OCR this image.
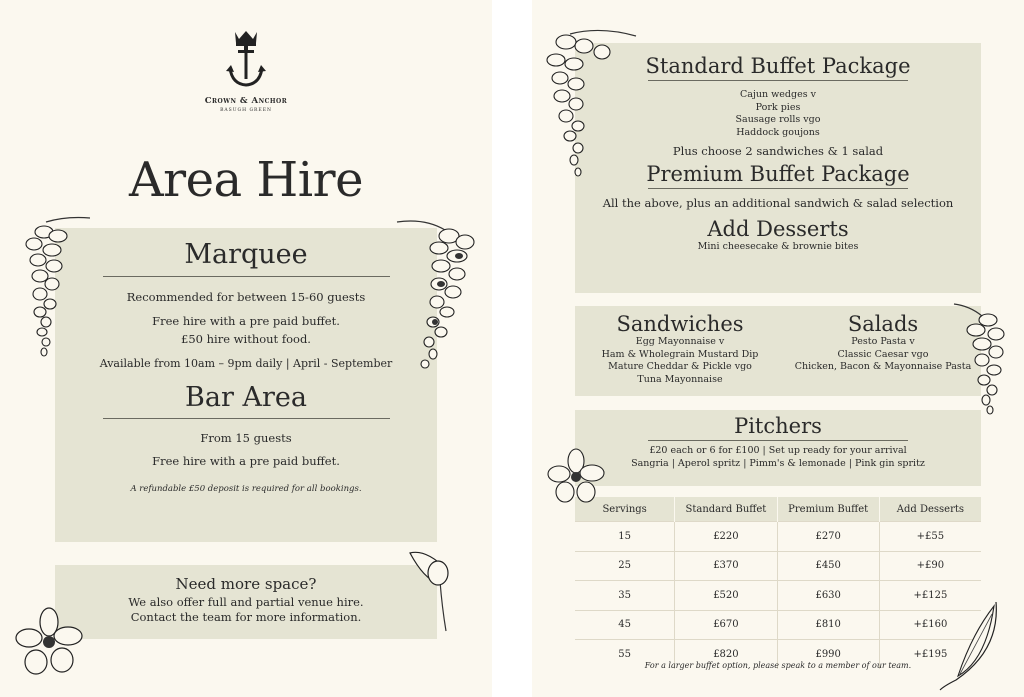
Crown & Anchor
BASUGH GREEN
Area Hire
Marquee
Recommended for between 15-60 guests
Free hire with a pre paid buffet.
£50 hire without food.
Available from 10am – 9pm daily | April - September
Bar Area
From 15 guests
Free hire with a pre paid buffet.
A refundable £50 deposit is required for all bookings.
Need more space?
We also offer full and partial venue hire.
Contact the team for more information.
Standard Buffet Package
Cajun wedges v
Pork pies
Sausage rolls vgo
Haddock goujons
Plus choose 2 sandwiches & 1 salad
Premium Buffet Package
All the above, plus an additional sandwich & salad selection
Add Desserts
Mini cheesecake & brownie bites
Sandwiches
Egg Mayonnaise v
Ham & Wholegrain Mustard Dip
Mature Cheddar & Pickle vgo
Tuna Mayonnaise
Salads
Pesto Pasta v
Classic Caesar vgo
Chicken, Bacon & Mayonnaise Pasta
Pitchers
£20 each or 6 for £100 | Set up ready for your arrival
Sangria | Aperol spritz | Pimm's & lemonade | Pink gin spritz
Servings	Standard Buffet	Premium Buffet	Add Desserts
15	£220	£270	+£55
25	£370	£450	+£90
35	£520	£630	+£125
45	£670	£810	+£160
55	£820	£990	+£195
For a larger buffet option, please speak to a member of our team.
